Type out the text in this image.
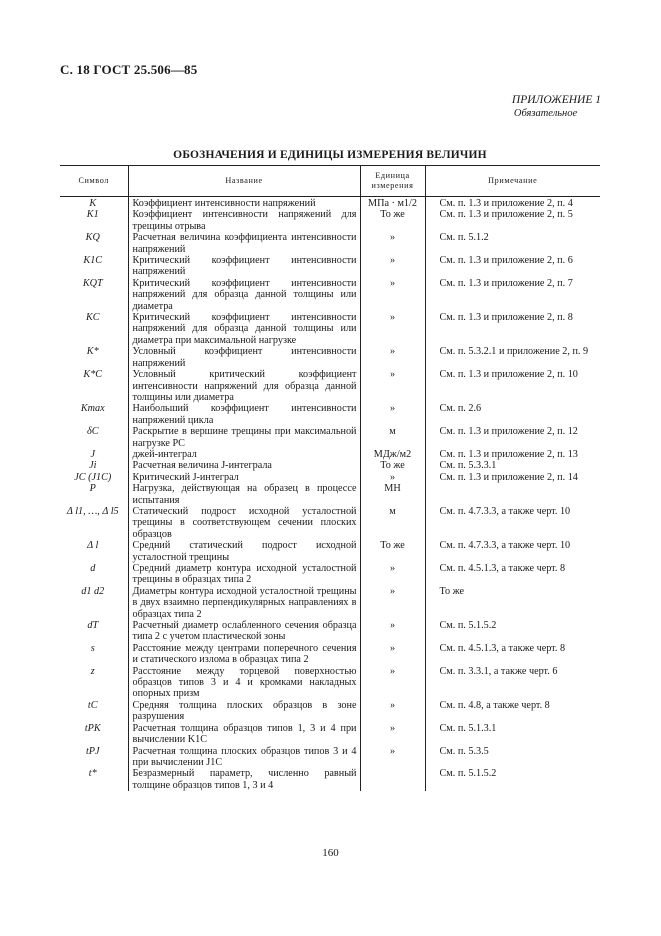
С. 18 ГОСТ 25.506—85
ПРИЛОЖЕНИЕ 1
Обязательное
ОБОЗНАЧЕНИЯ И ЕДИНИЦЫ ИЗМЕРЕНИЯ ВЕЛИЧИН
Символ	Название	Единица измерения	Примечание
K	Коэффициент интенсивности напряжений	МПа · м1/2	См. п. 1.3 и приложение 2, п. 4
K1	Коэффициент интенсивности напряжений для трещины отрыва	То же	См. п. 1.3 и приложение 2, п. 5
KQ	Расчетная величина коэффициента интенсивности напряжений	»	См. п. 5.1.2
K1C	Критический коэффициент интенсивности напряжений	»	См. п. 1.3 и приложение 2, п. 6
KQT	Критический коэффициент интенсивности напряжений для образца данной толщины или диаметра	»	См. п. 1.3 и приложение 2, п. 7
KC	Критический коэффициент интенсивности напряжений для образца данной толщины или диаметра при максимальной нагрузке	»	См. п. 1.3 и приложение 2, п. 8
K*	Условный коэффициент интенсивности напряжений	»	См. п. 5.3.2.1 и приложение 2, п. 9
K*C	Условный критический коэффициент интенсивности напряжений для образца данной толщины или диаметра	»	См. п. 1.3 и приложение 2, п. 10
Kmax	Наибольший коэффициент интенсивности напряжений цикла	»	См. п. 2.6
δC	Раскрытие в вершине трещины при максимальной нагрузке PC	м	См. п. 1.3 и приложение 2, п. 12
J	джей-интеграл	МДж/м2	См. п. 1.3 и приложение 2, п. 13
Ji	Расчетная величина J-интеграла	То же	См. п. 5.3.3.1
JC (J1C)	Критический J-интеграл	»	См. п. 1.3 и приложение 2, п. 14
P	Нагрузка, действующая на образец в процессе испытания	МН	
Δ l1, …, Δ l5	Статический подрост исходной усталостной трещины в соответствующем сечении плоских образцов	м	См. п. 4.7.3.3, а также черт. 10
Δ l	Средний статический подрост исходной усталостной трещины	То же	См. п. 4.7.3.3, а также черт. 10
d	Средний диаметр контура исходной усталостной трещины в образцах типа 2	»	См. п. 4.5.1.3, а также черт. 8
d1 d2	Диаметры контура исходной усталостной трещины в двух взаимно перпендикулярных направлениях в образцах типа 2	»	То же
dT	Расчетный диаметр ослабленного сечения образца типа 2 с учетом пластической зоны	»	См. п. 5.1.5.2
s	Расстояние между центрами поперечного сечения и статического излома в образцах типа 2	»	См. п. 4.5.1.3, а также черт. 8
z	Расстояние между торцевой поверхностью образцов типов 3 и 4 и кромками накладных опорных призм	»	См. п. 3.3.1, а также черт. 6
tC	Средняя толщина плоских образцов в зоне разрушения	»	См. п. 4.8, а также черт. 8
tPK	Расчетная толщина образцов типов 1, 3 и 4 при вычислении K1C	»	См. п. 5.1.3.1
tPJ	Расчетная толщина плоских образцов типов 3 и 4 при вычислении J1C	»	См. п. 5.3.5
t*	Безразмерный параметр, численно равный толщине образцов типов 1, 3 и 4		См. п. 5.1.5.2
160
